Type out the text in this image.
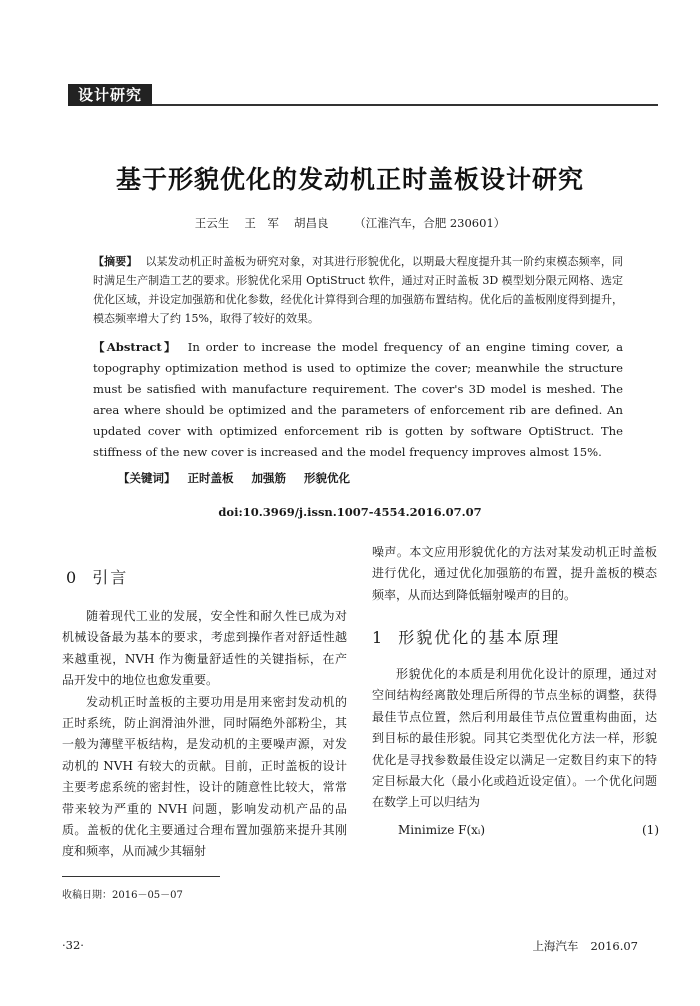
设计研究
基于形貌优化的发动机正时盖板设计研究
王云生  王　军  胡昌良 （江淮汽车，合肥 230601）
【摘要】 以某发动机正时盖板为研究对象，对其进行形貌优化，以期最大程度提升其一阶约束模态频率，同时满足生产制造工艺的要求。形貌优化采用 OptiStruct 软件，通过对正时盖板 3D 模型划分限元网格、选定优化区域，并设定加强筋和优化参数，经优化计算得到合理的加强筋布置结构。优化后的盖板刚度得到提升，模态频率增大了约 15%，取得了较好的效果。
【Abstract】 In order to increase the model frequency of an engine timing cover, a topography optimization method is used to optimize the cover; meanwhile the structure must be satisfied with manufacture requirement. The cover's 3D model is meshed. The area where should be optimized and the parameters of enforcement rib are defined. An updated cover with optimized enforcement rib is gotten by software OptiStruct. The stiffness of the new cover is increased and the model frequency improves almost 15%.
【关键词】 正时盖板 加强筋 形貌优化
doi:10.3969/j.issn.1007-4554.2016.07.07
0 引言

随着现代工业的发展，安全性和耐久性已成为对机械设备最为基本的要求，考虑到操作者对舒适性越来越重视，NVH 作为衡量舒适性的关键指标，在产品开发中的地位也愈发重要。

发动机正时盖板的主要功用是用来密封发动机的正时系统，防止润滑油外泄，同时隔绝外部粉尘，其一般为薄壁平板结构，是发动机的主要噪声源，对发动机的 NVH 有较大的贡献。目前，正时盖板的设计主要考虑系统的密封性，设计的随意性比较大，常常带来较为严重的 NVH 问题，影响发动机产品的品质。盖板的优化主要通过合理布置加强筋来提升其刚度和频率，从而减少其辐射

噪声。本文应用形貌优化的方法对某发动机正时盖板进行优化，通过优化加强筋的布置，提升盖板的模态频率，从而达到降低辐射噪声的目的。

1 形貌优化的基本原理

形貌优化的本质是利用优化设计的原理，通过对空间结构经离散处理后所得的节点坐标的调整，获得最佳节点位置，然后利用最佳节点位置重构曲面，达到目标的最佳形貌。同其它类型优化方法一样，形貌优化是寻找参数最佳设定以满足一定数目约束下的特定目标最大化（最小化或趋近设定值）。一个优化问题在数学上可以归结为

Minimize F(xᵢ)	(1)
收稿日期：2016－05－07
·32·	上海汽车 2016.07
